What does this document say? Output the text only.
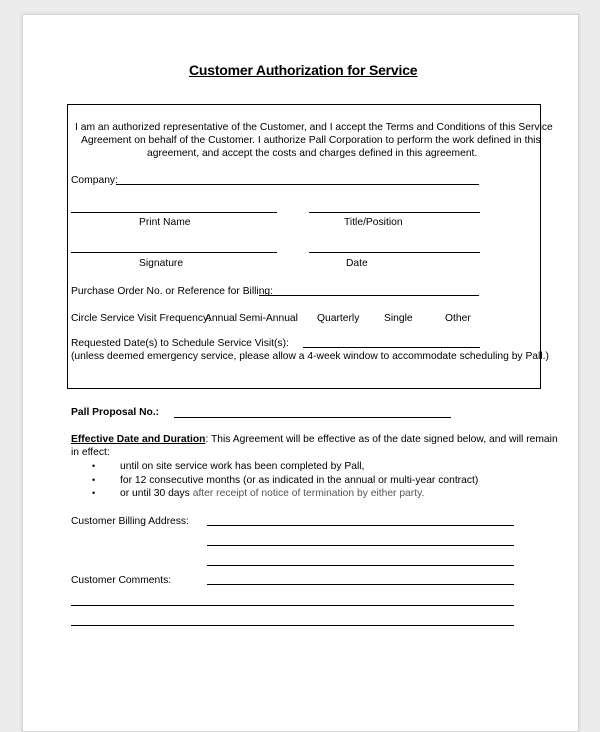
Customer Authorization for Service
I am an authorized representative of the Customer, and I accept the Terms and Conditions of this Service
Agreement on behalf of the Customer. I authorize Pall Corporation to perform the work defined in this
agreement, and accept the costs and charges defined in this agreement.
Company:
Print Name	Title/Position
Signature	Date
Purchase Order No. or Reference for Billing:
Circle Service Visit Frequency:
Annual Semi-Annual Quarterly Single	Other
Requested Date(s) to Schedule Service Visit(s):
(unless deemed emergency service, please allow a 4-week window to accommodate scheduling by Pall.)
Pall Proposal No.:
Effective Date and Duration: This Agreement will be effective as of the date signed below, and will remain
in effect:
• until on site service work has been completed by Pall,
• for 12 consecutive months (or as indicated in the annual or multi-year contract)
• or until 30 days after receipt of notice of termination by either party.
Customer Billing Address:
Customer Comments:
